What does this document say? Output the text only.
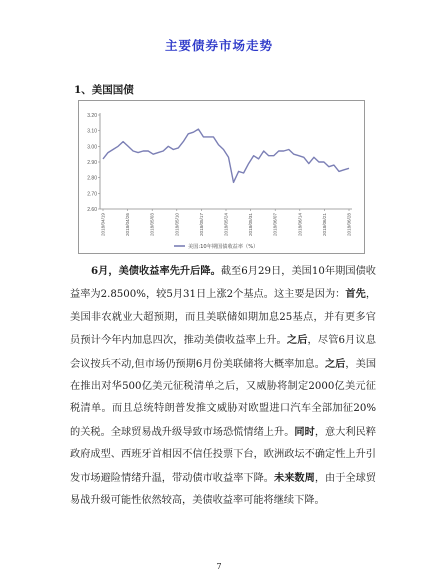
主要债券市场走势
1、美国国债
3.20
3.10
3.00
2.90
2.80
2.70
2.60
2018/04/19	2018/04/26	2018/05/03	2018/05/10	2018/05/17	2018/05/24	2018/05/31	2018/06/07	2018/06/14	2018/06/21	2018/06/28
美国:10年期国债收益率（%）
6月，美债收益率先升后降。截至6月29日，美国10年期国债收益率为2.8500%，较5月31日上涨2个基点。这主要是因为：首先，美国非农就业大超预期，而且美联储如期加息25基点，并有更多官员预计今年内加息四次，推动美债收益率上升。之后，尽管6月议息会议按兵不动,但市场仍预期6月份美联储将大概率加息。之后，美国在推出对华500亿美元征税清单之后，又威胁将制定2000亿美元征税清单。而且总统特朗普发推文威胁对欧盟进口汽车全部加征20%的关税。全球贸易战升级导致市场恐慌情绪上升。同时，意大利民粹政府成型、西班牙首相因不信任投票下台，欧洲政坛不确定性上升引发市场避险情绪升温，带动债市收益率下降。未来数周，由于全球贸易战升级可能性依然较高，美债收益率可能将继续下降。
7
